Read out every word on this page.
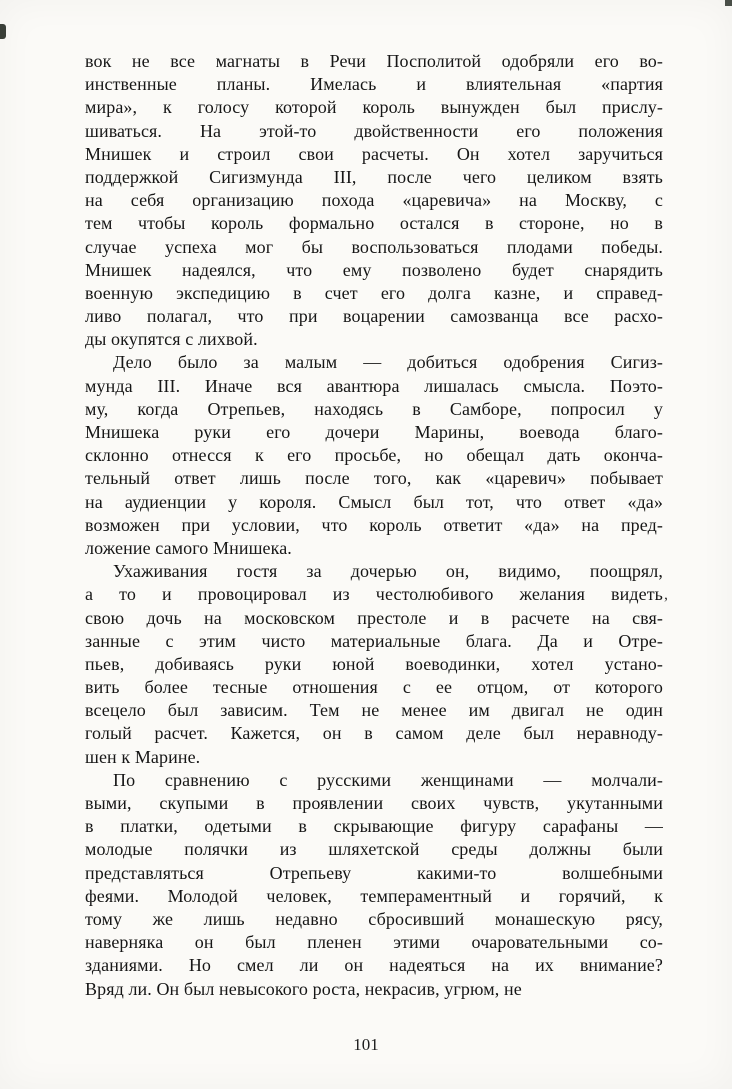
,
вок не все магнаты в Речи Посполитой одобряли его во-
инственные планы. Имелась и влиятельная «партия
мира», к голосу которой король вынужден был прислу-
шиваться. На этой-то двойственности его положения
Мнишек и строил свои расчеты. Он хотел заручиться
поддержкой Сигизмунда III, после чего целиком взять
на себя организацию похода «царевича» на Москву, с
тем чтобы король формально остался в стороне, но в
случае успеха мог бы воспользоваться плодами победы.
Мнишек надеялся, что ему позволено будет снарядить
военную экспедицию в счет его долга казне, и справед-
ливо полагал, что при воцарении самозванца все расхо-
ды окупятся с лихвой.
Дело было за малым — добиться одобрения Сигиз-
мунда III. Иначе вся авантюра лишалась смысла. Поэто-
му, когда Отрепьев, находясь в Самборе, попросил у
Мнишека руки его дочери Марины, воевода благо-
склонно отнесся к его просьбе, но обещал дать оконча-
тельный ответ лишь после того, как «царевич» побывает
на аудиенции у короля. Смысл был тот, что ответ «да»
возможен при условии, что король ответит «да» на пред-
ложение самого Мнишека.
Ухаживания гостя за дочерью он, видимо, поощрял,
а то и провоцировал из честолюбивого желания видеть
свою дочь на московском престоле и в расчете на свя-
занные с этим чисто материальные блага. Да и Отре-
пьев, добиваясь руки юной воеводинки, хотел устано-
вить более тесные отношения с ее отцом, от которого
всецело был зависим. Тем не менее им двигал не один
голый расчет. Кажется, он в самом деле был неравноду-
шен к Марине.
По сравнению с русскими женщинами — молчали-
выми, скупыми в проявлении своих чувств, укутанными
в платки, одетыми в скрывающие фигуру сарафаны —
молодые полячки из шляхетской среды должны были
представляться Отрепьеву какими-то волшебными
феями. Молодой человек, темпераментный и горячий, к
тому же лишь недавно сбросивший монашескую рясу,
наверняка он был пленен этими очаровательными со-
зданиями. Но смел ли он надеяться на их внимание?
Вряд ли. Он был невысокого роста, некрасив, угрюм, не
101
